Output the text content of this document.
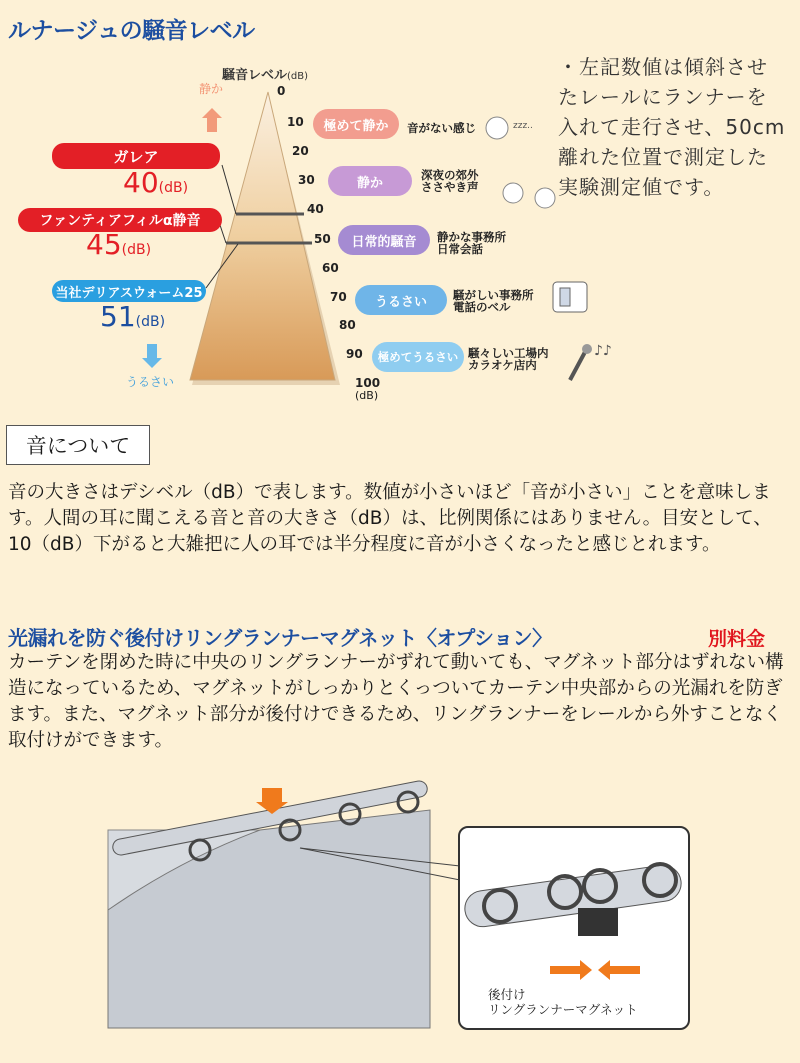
ルナージュの騒音レベル
騒音レベル(dB)
♪♪
静か
うるさい
zzz..
0
10
20
30
40
50
60
70
80
90
100
(dB)
極めて静か	音がない感じ
静か
深夜の郊外
ささやき声
日常的騒音	静かな事務所
日常会話
うるさい	騒がしい事務所
電話のベル
極めてうるさい 騒々しい工場内
カラオケ店内
ガレア
40(dB)
ファンティアフィルα静音
45(dB)
当社デリアスウォーム25
51(dB)
・左記数値は傾斜させたレールにランナーを入れて走行させ、50cm離れた位置で測定した実験測定値です。
音について
音の大きさはデシベル（dB）で表します。数値が小さいほど「音が小さい」ことを意味します。人間の耳に聞こえる音と音の大きさ（dB）は、比例関係にはありません。目安として、10（dB）下がると大雑把に人の耳では半分程度に音が小さくなったと感じとれます。
光漏れを防ぐ後付けリングランナーマグネット〈オプション〉	別料金
カーテンを閉めた時に中央のリングランナーがずれて動いても、マグネット部分はずれない構造になっているため、マグネットがしっかりとくっついてカーテン中央部からの光漏れを防ぎます。また、マグネット部分が後付けできるため、リングランナーをレールから外すことなく取付けができます。
後付け
リングランナーマグネット
